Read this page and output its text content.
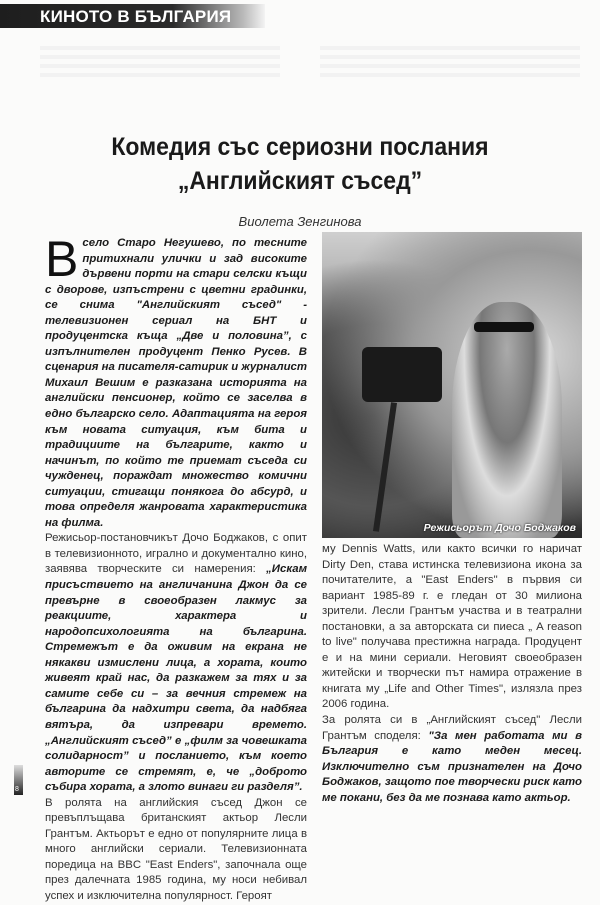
КИНОТО В БЪЛГАРИЯ
Комедия със сериозни послания
„Английският съсед”
Виолета Зенгинова

В село Старо Негушево, по тесните притихнали улички и зад високите дървени порти на стари селски къщи с дворове, изпъстрени с цветни градинки, се снима "Английският съсед" - телевизионен сериал на БНТ и продуцентска къща „Две и половина”, с изпълнителен продуцент Пенко Русев. В сценария на писателя-сатирик и журналист Михаил Вешим е разказана историята на английски пенсионер, който се заселва в едно българско село. Адаптацията на героя към новата ситуация, към бита и традициите на българите, както и начинът, по който те приемат съседа си чужденец, пораждат множество комични ситуации, стигащи понякога до абсурд, и това определя жанровата характеристика на филма.

Режисьор-постановчикът Дочо Боджаков, с опит в телевизионното, игрално и документално кино, заявява творческите си намерения: „Искам присъствието на англичанина Джон да се превърне в своеобразен лакмус за реакциите, характера и народопсихологията на българина. Стремежът е да оживим на екрана не някакви измислени лица, а хората, които живеят край нас, да разкажем за тях и за самите себе си – за вечния стремеж на българина да надхитри света, да надбяга вятъра, да изпревари времето. „Английският съсед” е „филм за човешката солидарност” и посланието, към което авторите се стремят, е, че „доброто събира хората, а злото винаги ги разделя”.

В ролята на английския съсед Джон се превъплъщава британският актьор Лесли Грантъм. Актьорът е едно от популярните лица в много английски сериали. Телевизионната поредица на BBC "East Enders", започнала още през далечната 1985 година, му носи небивал успех и изключителна популярност. Героят

Режисьорът Дочо Боджаков

му Dennis Watts, или както всички го наричат Dirty Den, става истинска телевизиона икона за почитателите, а "East Enders" в първия си вариант 1985-89 г. е гледан от 30 милиона зрители. Лесли Грантъм участва и в театрални постановки, а за авторската си пиеса „ A reason to live" получава престижна награда. Продуцент е и на мини сериали. Неговият своеобразен житейски и творчески път намира отражение в книгата му „Life and Other Times", излязла през 2006 година.

За ролята си в „Английският съсед" Лесли Грантъм споделя: "За мен работата ми в България е като меден месец. Изключително съм признателен на Дочо Боджаков, защото пое творчески риск като ме покани, без да ме познава като актьор.

8
